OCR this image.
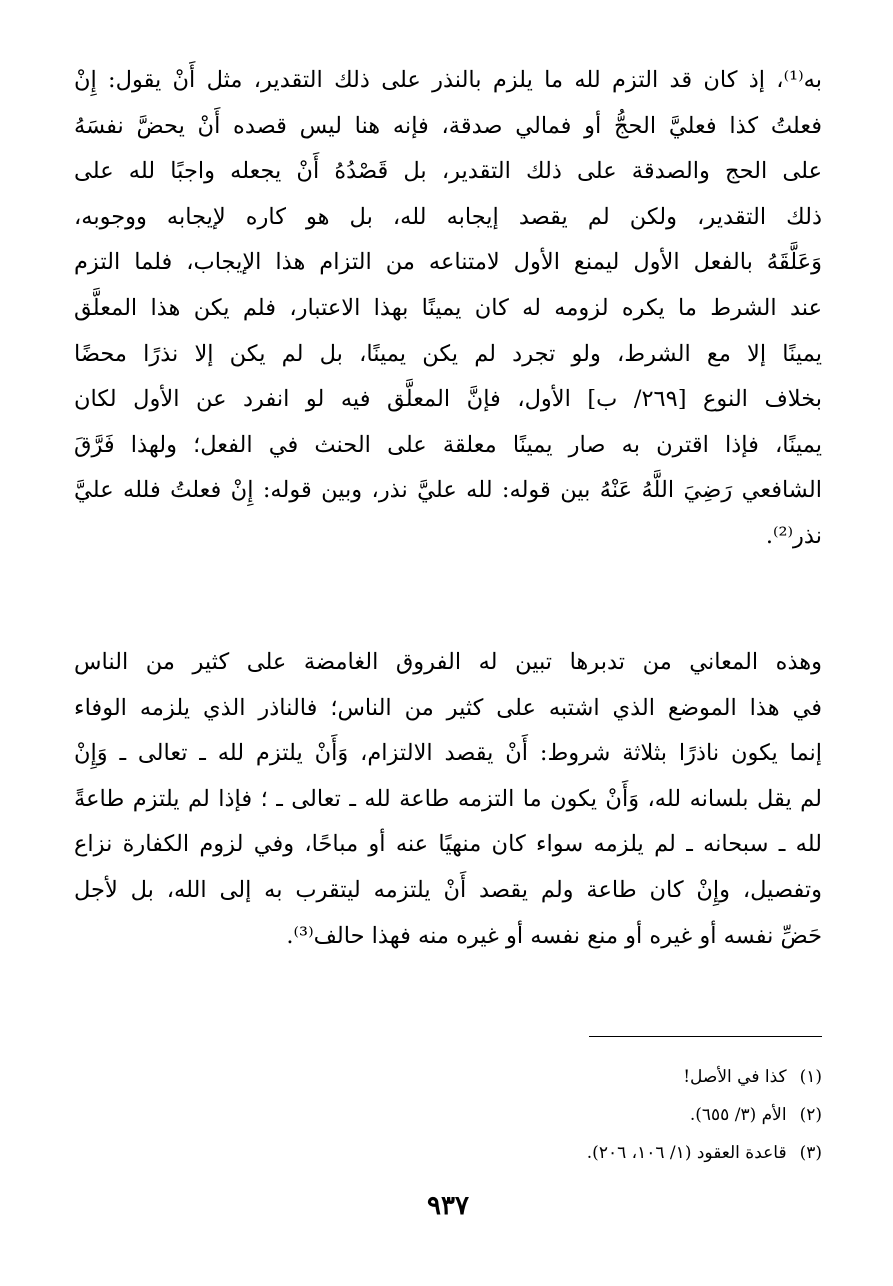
به⁽¹⁾، إذ كان قد التزم لله ما يلزم بالنذر على ذلك التقدير، مثل أَنْ يقول: إِنْ
فعلتُ كذا فعليَّ الحجُّ أو فمالي صدقة، فإنه هنا ليس قصده أَنْ يحضَّ نفسَهُ
على الحج والصدقة على ذلك التقدير، بل قَصْدُهُ أَنْ يجعله واجبًا لله على
ذلك التقدير، ولكن لم يقصد إيجابه لله، بل هو كاره لإيجابه ووجوبه،
وَعَلَّقَهُ بالفعل الأول ليمنع الأول لامتناعه من التزام هذا الإيجاب، فلما التزم
عند الشرط ما يكره لزومه له كان يمينًا بهذا الاعتبار، فلم يكن هذا المعلَّق
يمينًا إلا مع الشرط، ولو تجرد لم يكن يمينًا، بل لم يكن إلا نذرًا محضًا
بخلاف النوع [٢٦٩/ ب] الأول، فإنَّ المعلَّق فيه لو انفرد عن الأول لكان
يمينًا، فإذا اقترن به صار يمينًا معلقة على الحنث في الفعل؛ ولهذا فَرَّقَ
الشافعي رَضِيَ اللَّهُ عَنْهُ بين قوله: لله عليَّ نذر، وبين قوله: إِنْ فعلتُ فلله عليَّ
نذر⁽²⁾.
وهذه المعاني من تدبرها تبين له الفروق الغامضة على كثير من الناس
في هذا الموضع الذي اشتبه على كثير من الناس؛ فالناذر الذي يلزمه الوفاء
إنما يكون ناذرًا بثلاثة شروط: أَنْ يقصد الالتزام، وَأَنْ يلتزم لله ـ تعالى ـ وَإِنْ
لم يقل بلسانه لله، وَأَنْ يكون ما التزمه طاعة لله ـ تعالى ـ ؛ فإذا لم يلتزم طاعةً
لله ـ سبحانه ـ لم يلزمه سواء كان منهيًا عنه أو مباحًا، وفي لزوم الكفارة نزاع
وتفصيل، وإِنْ كان طاعة ولم يقصد أَنْ يلتزمه ليتقرب به إلى الله، بل لأجل
حَضِّ نفسه أو غيره أو منع نفسه أو غيره منه فهذا حالف⁽³⁾.
(١) كذا في الأصل!
(٢) الأم (٣/ ٦٥٥).
(٣) قاعدة العقود (١/ ١٠٦، ٢٠٦).
٩٣٧
